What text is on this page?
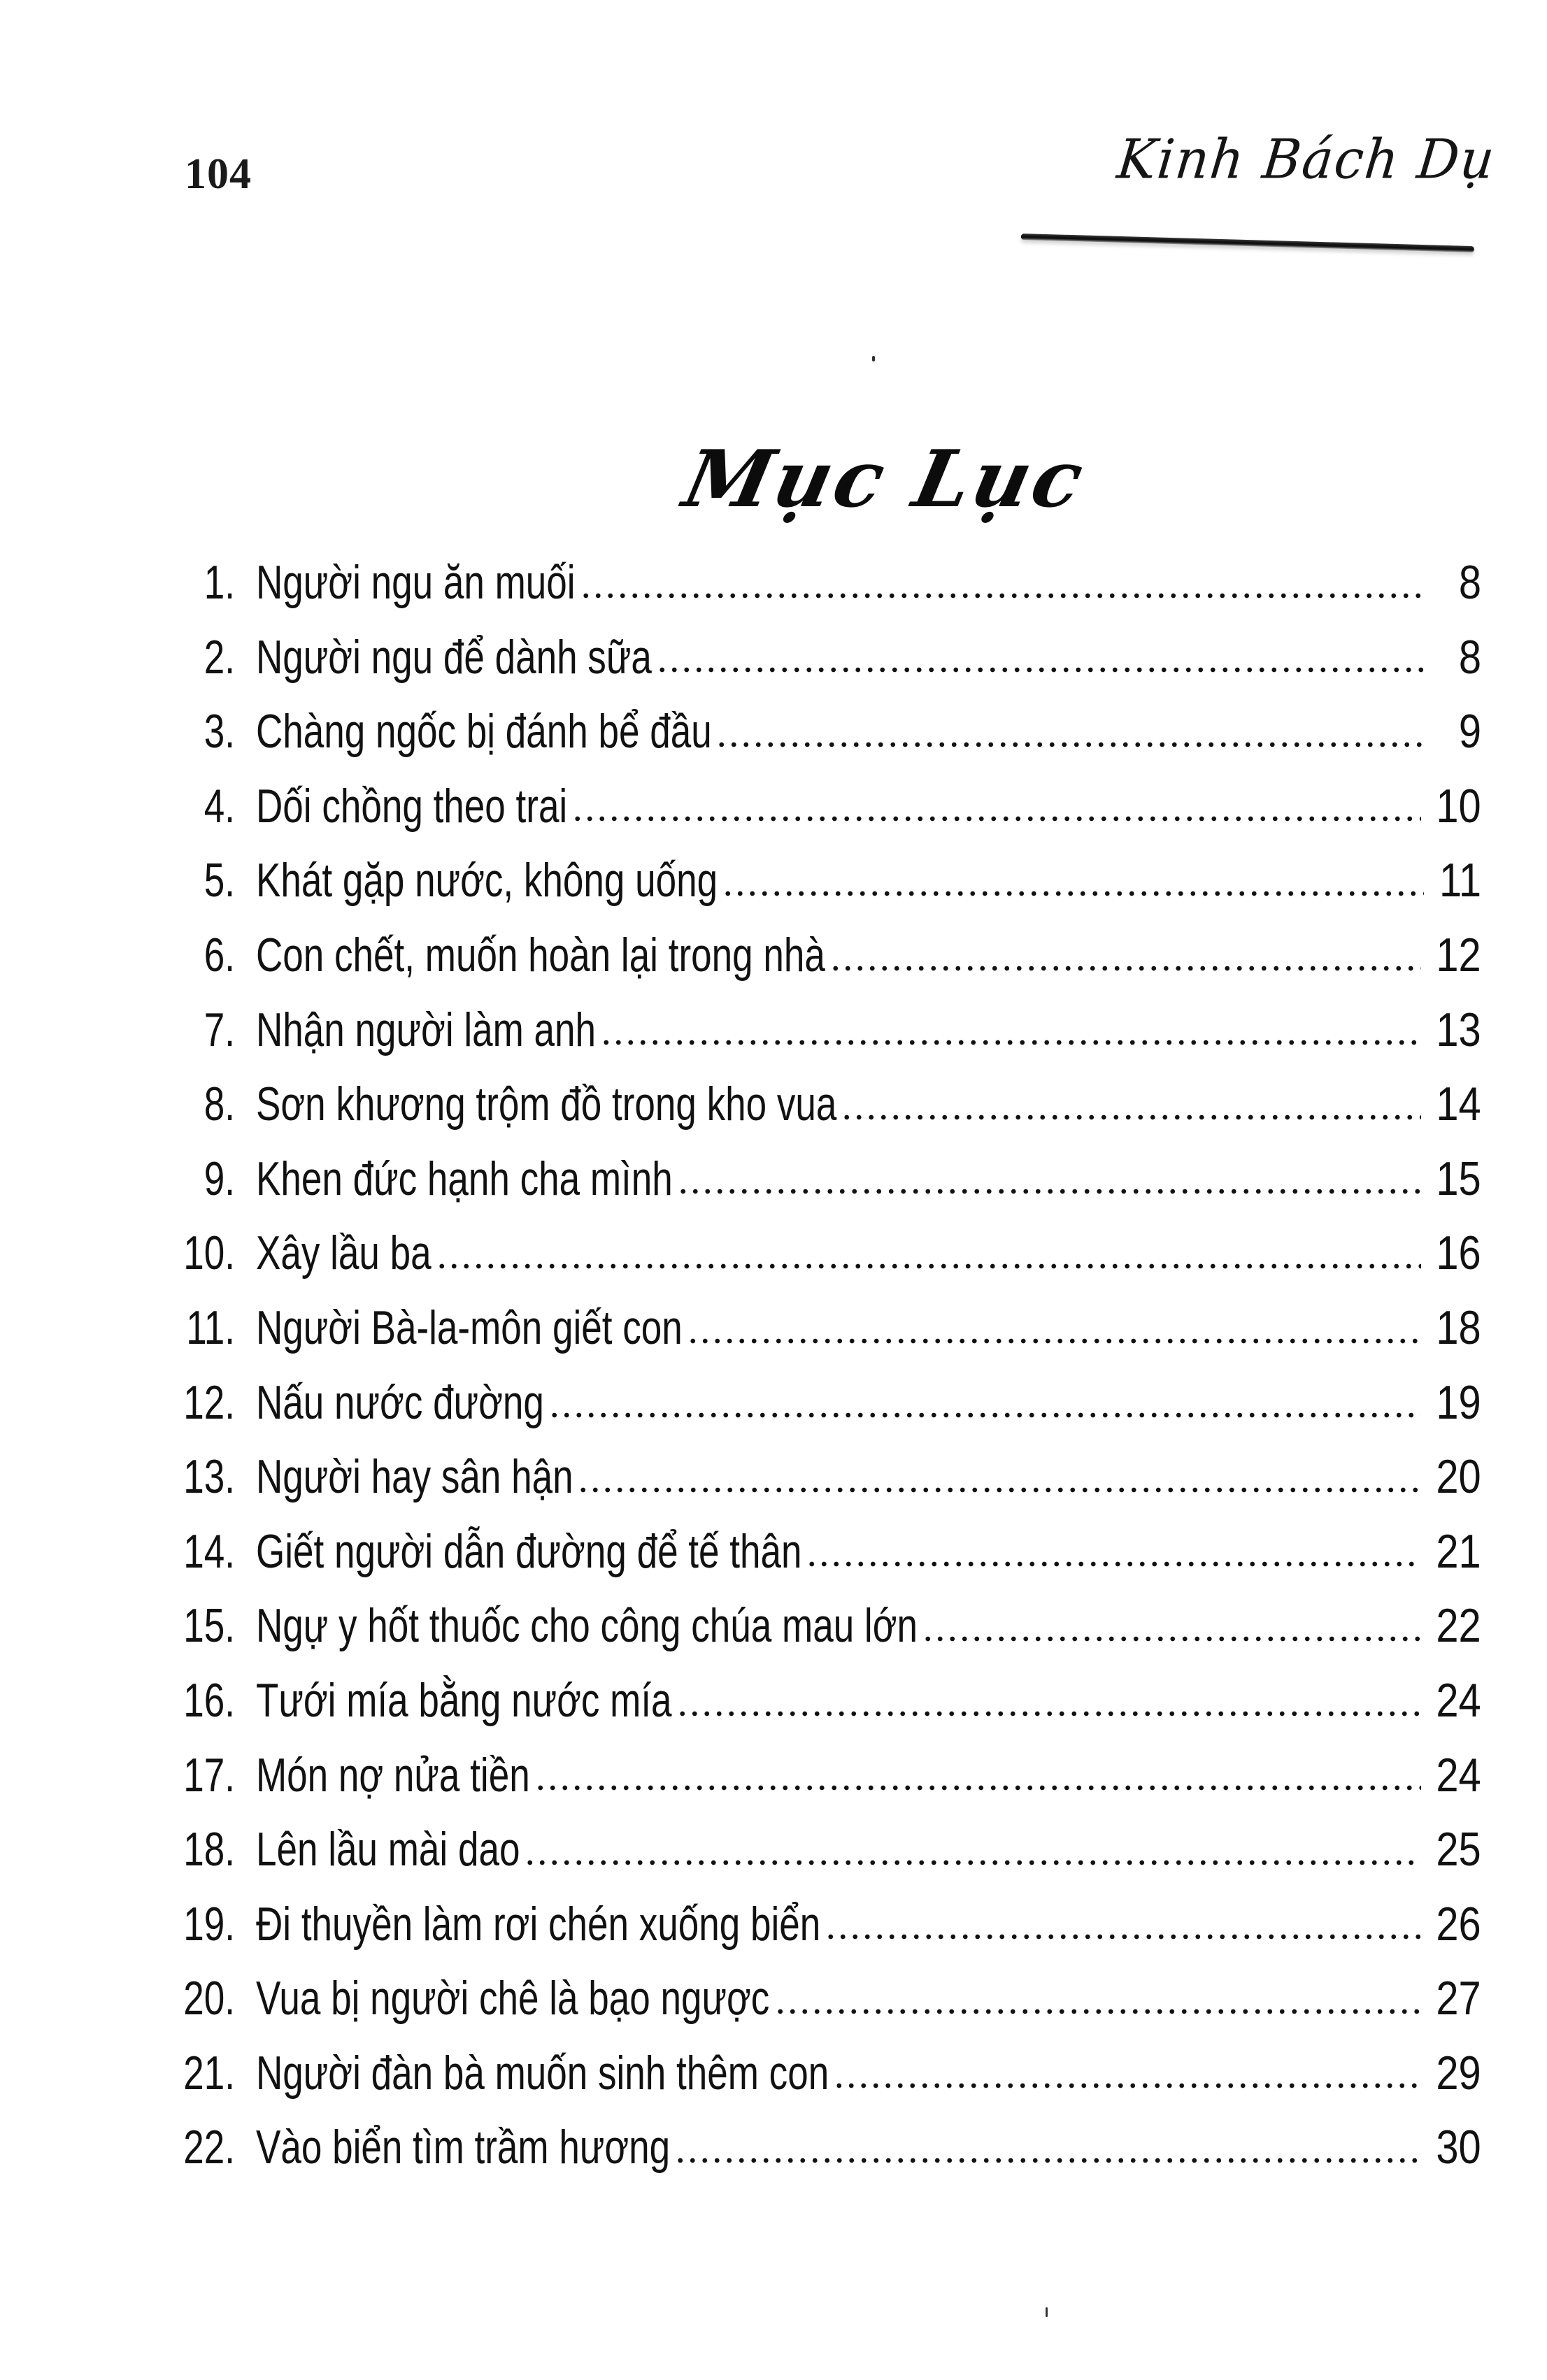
104	Kinh Bách Dụ
Mục Lục
1. Người ngu ăn muối	8
2. Người ngu để dành sữa	8
3. Chàng ngốc bị đánh bể đầu	9
4. Dối chồng theo trai	10
5. Khát gặp nước, không uống	11
6. Con chết, muốn hoàn lại trong nhà	12
7. Nhận người làm anh	13
8. Sơn khương trộm đồ trong kho vua	14
9. Khen đức hạnh cha mình	15
10. Xây lầu ba	16
11. Người Bà-la-môn giết con	18
12. Nấu nước đường	19
13. Người hay sân hận	20
14. Giết người dẫn đường để tế thân	21
15. Ngự y hốt thuốc cho công chúa mau lớn	22
16. Tưới mía bằng nước mía	24
17. Món nợ nửa tiền	24
18. Lên lầu mài dao	25
19. Đi thuyền làm rơi chén xuống biển	26
20. Vua bị người chê là bạo ngược	27
21. Người đàn bà muốn sinh thêm con	29
22. Vào biển tìm trầm hương	30
